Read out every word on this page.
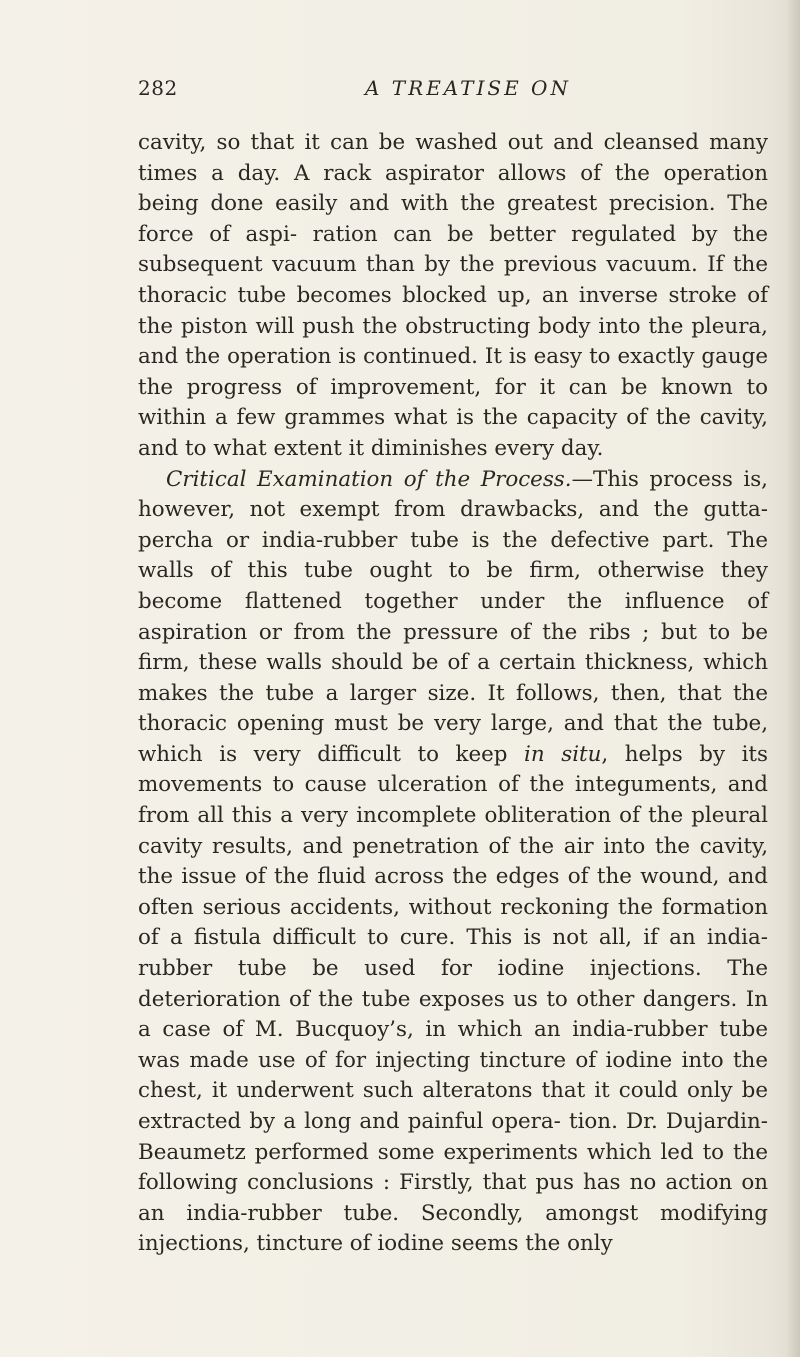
282	A TREATISE ON

cavity, so that it can be washed out and cleansed many times a day. A rack aspirator allows of the operation being done easily and with the greatest precision. The force of aspi- ration can be better regulated by the subsequent vacuum than by the previous vacuum. If the thoracic tube becomes blocked up, an inverse stroke of the piston will push the obstructing body into the pleura, and the operation is continued. It is easy to exactly gauge the progress of improvement, for it can be known to within a few grammes what is the capacity of the cavity, and to what extent it diminishes every day.

Critical Examination of the Process.—This process is, however, not exempt from drawbacks, and the gutta- percha or india-rubber tube is the defective part. The walls of this tube ought to be firm, otherwise they become flattened together under the influence of aspiration or from the pressure of the ribs ; but to be firm, these walls should be of a certain thickness, which makes the tube a larger size. It follows, then, that the thoracic opening must be very large, and that the tube, which is very difficult to keep in situ, helps by its movements to cause ulceration of the integuments, and from all this a very incomplete obliteration of the pleural cavity results, and penetration of the air into the cavity, the issue of the fluid across the edges of the wound, and often serious accidents, without reckoning the formation of a fistula difficult to cure. This is not all, if an india-rubber tube be used for iodine injections. The deterioration of the tube exposes us to other dangers. In a case of M. Bucquoy’s, in which an india-rubber tube was made use of for injecting tincture of iodine into the chest, it underwent such alteratons that it could only be extracted by a long and painful opera- tion. Dr. Dujardin-Beaumetz performed some experiments which led to the following conclusions : Firstly, that pus has no action on an india-rubber tube. Secondly, amongst modifying injections, tincture of iodine seems the only
